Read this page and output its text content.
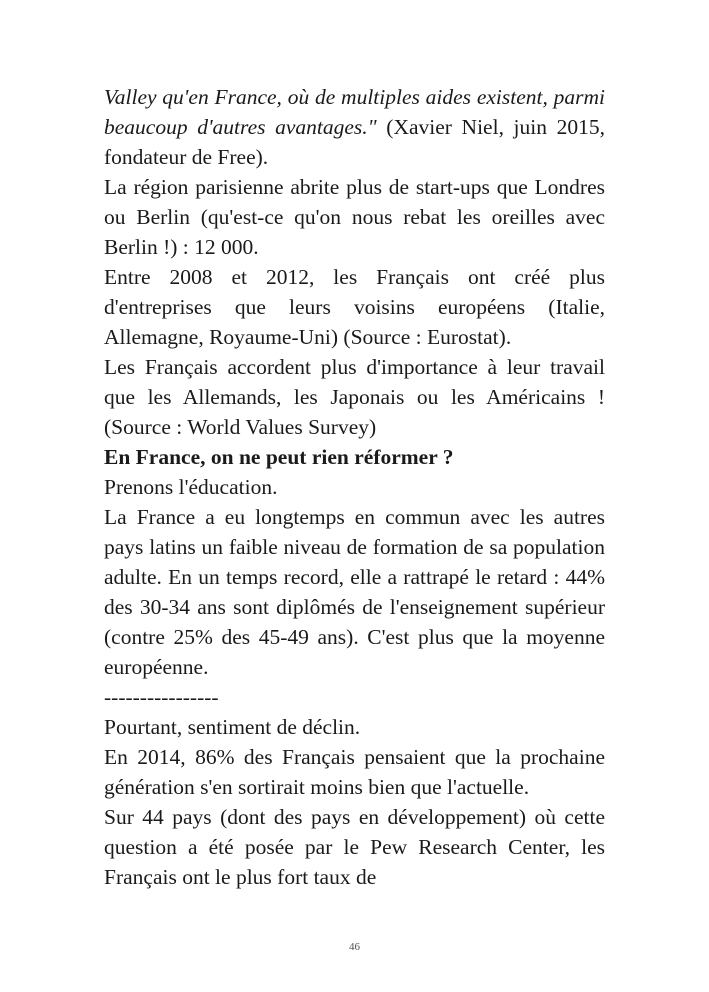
Valley qu'en France, où de multiples aides existent, parmi beaucoup d'autres avantages." (Xavier Niel, juin 2015, fondateur de Free).

La région parisienne abrite plus de start-ups que Londres ou Berlin (qu'est-ce qu'on nous rebat les oreilles avec Berlin !) : 12 000.

Entre 2008 et 2012, les Français ont créé plus d'entreprises que leurs voisins européens (Italie, Allemagne, Royaume-Uni) (Source : Eurostat).

Les Français accordent plus d'importance à leur travail que les Allemands, les Japonais ou les Américains ! (Source : World Values Survey)

En France, on ne peut rien réformer ?

Prenons l'éducation.

La France a eu longtemps en commun avec les autres pays latins un faible niveau de formation de sa population adulte. En un temps record, elle a rattrapé le retard : 44% des 30-34 ans sont diplômés de l'enseignement supérieur (contre 25% des 45-49 ans). C'est plus que la moyenne européenne.

----------------

Pourtant, sentiment de déclin.

En 2014, 86% des Français pensaient que la prochaine génération s'en sortirait moins bien que l'actuelle.

Sur 44 pays (dont des pays en développement) où cette question a été posée par le Pew Research Center, les Français ont le plus fort taux de

46
